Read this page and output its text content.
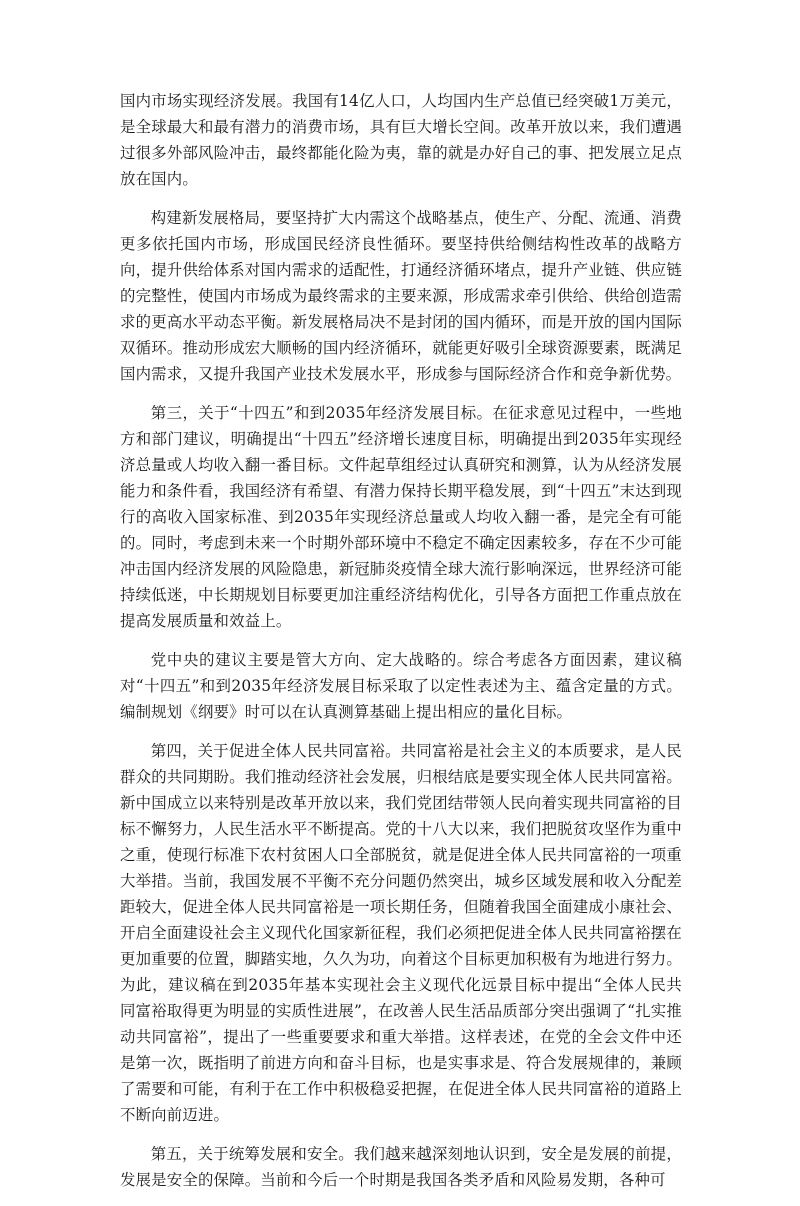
国内市场实现经济发展。我国有14亿人口，人均国内生产总值已经突破1万美元，是全球最大和最有潜力的消费市场，具有巨大增长空间。改革开放以来，我们遭遇过很多外部风险冲击，最终都能化险为夷，靠的就是办好自己的事、把发展立足点放在国内。

构建新发展格局，要坚持扩大内需这个战略基点，使生产、分配、流通、消费更多依托国内市场，形成国民经济良性循环。要坚持供给侧结构性改革的战略方向，提升供给体系对国内需求的适配性，打通经济循环堵点，提升产业链、供应链的完整性，使国内市场成为最终需求的主要来源，形成需求牵引供给、供给创造需求的更高水平动态平衡。新发展格局决不是封闭的国内循环，而是开放的国内国际双循环。推动形成宏大顺畅的国内经济循环，就能更好吸引全球资源要素，既满足国内需求，又提升我国产业技术发展水平，形成参与国际经济合作和竞争新优势。

第三，关于“十四五”和到2035年经济发展目标。在征求意见过程中，一些地方和部门建议，明确提出“十四五”经济增长速度目标，明确提出到2035年实现经济总量或人均收入翻一番目标。文件起草组经过认真研究和测算，认为从经济发展能力和条件看，我国经济有希望、有潜力保持长期平稳发展，到“十四五”末达到现行的高收入国家标准、到2035年实现经济总量或人均收入翻一番，是完全有可能的。同时，考虑到未来一个时期外部环境中不稳定不确定因素较多，存在不少可能冲击国内经济发展的风险隐患，新冠肺炎疫情全球大流行影响深远，世界经济可能持续低迷，中长期规划目标要更加注重经济结构优化，引导各方面把工作重点放在提高发展质量和效益上。

党中央的建议主要是管大方向、定大战略的。综合考虑各方面因素，建议稿对“十四五”和到2035年经济发展目标采取了以定性表述为主、蕴含定量的方式。编制规划《纲要》时可以在认真测算基础上提出相应的量化目标。

第四，关于促进全体人民共同富裕。共同富裕是社会主义的本质要求，是人民群众的共同期盼。我们推动经济社会发展，归根结底是要实现全体人民共同富裕。新中国成立以来特别是改革开放以来，我们党团结带领人民向着实现共同富裕的目标不懈努力，人民生活水平不断提高。党的十八大以来，我们把脱贫攻坚作为重中之重，使现行标准下农村贫困人口全部脱贫，就是促进全体人民共同富裕的一项重大举措。当前，我国发展不平衡不充分问题仍然突出，城乡区域发展和收入分配差距较大，促进全体人民共同富裕是一项长期任务，但随着我国全面建成小康社会、开启全面建设社会主义现代化国家新征程，我们必须把促进全体人民共同富裕摆在更加重要的位置，脚踏实地，久久为功，向着这个目标更加积极有为地进行努力。为此，建议稿在到2035年基本实现社会主义现代化远景目标中提出“全体人民共同富裕取得更为明显的实质性进展”，在改善人民生活品质部分突出强调了“扎实推动共同富裕”，提出了一些重要要求和重大举措。这样表述，在党的全会文件中还是第一次，既指明了前进方向和奋斗目标，也是实事求是、符合发展规律的，兼顾了需要和可能，有利于在工作中积极稳妥把握，在促进全体人民共同富裕的道路上不断向前迈进。

第五，关于统筹发展和安全。我们越来越深刻地认识到，安全是发展的前提，发展是安全的保障。当前和今后一个时期是我国各类矛盾和风险易发期，各种可
